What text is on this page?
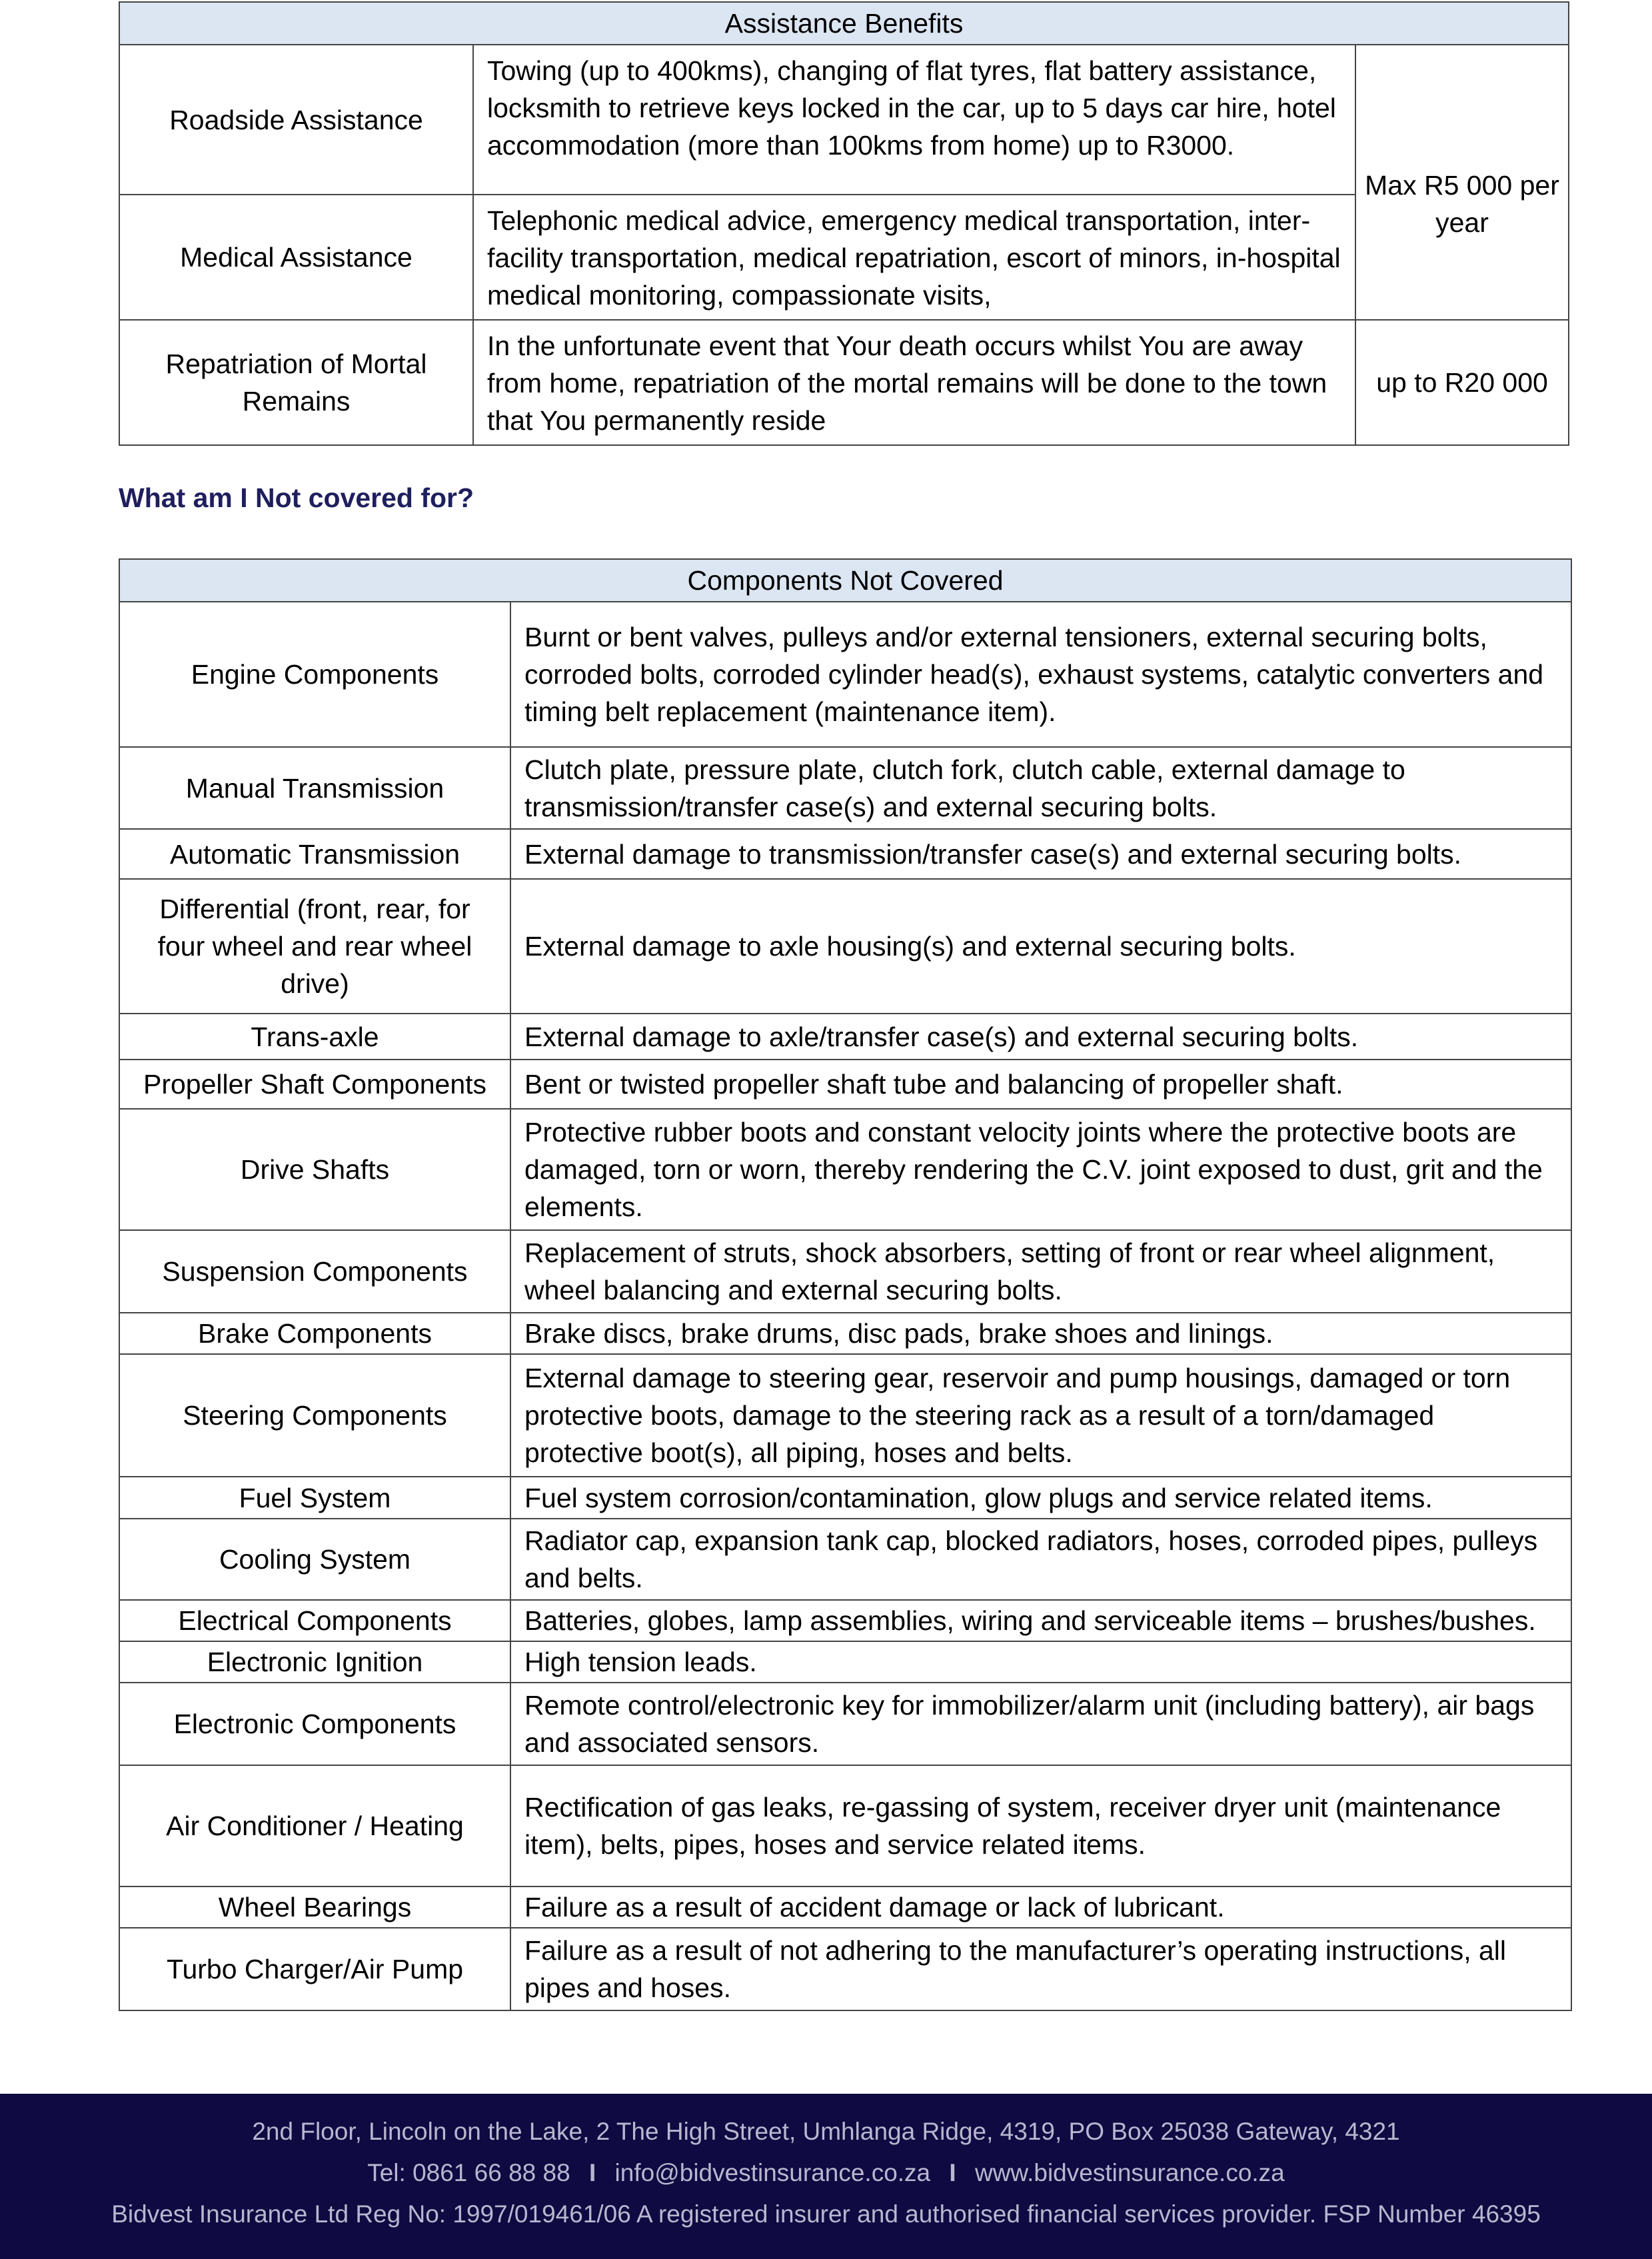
Assistance Benefits		
Roadside Assistance	Towing (up to 400kms), changing of flat tyres, flat battery assistance, locksmith to retrieve keys locked in the car, up to 5 days car hire, hotel accommodation (more than 100kms from home) up to R3000.	Max R5 000 per year
Medical Assistance	Telephonic medical advice, emergency medical transportation, inter-facility transportation, medical repatriation, escort of minors, in-hospital medical monitoring, compassionate visits,	
Repatriation of Mortal Remains	In the unfortunate event that Your death occurs whilst You are away from home, repatriation of the mortal remains will be done to the town that You permanently reside	up to R20 000
What am I Not covered for?
Components Not Covered	
Engine Components	Burnt or bent valves, pulleys and/or external tensioners, external securing bolts, corroded bolts, corroded cylinder head(s), exhaust systems, catalytic converters and timing belt replacement (maintenance item).
Manual Transmission	Clutch plate, pressure plate, clutch fork, clutch cable, external damage to transmission/transfer case(s) and external securing bolts.
Automatic Transmission	External damage to transmission/transfer case(s) and external securing bolts.
Differential (front, rear, for four wheel and rear wheel drive)	External damage to axle housing(s) and external securing bolts.
Trans-axle	External damage to axle/transfer case(s) and external securing bolts.
Propeller Shaft Components	Bent or twisted propeller shaft tube and balancing of propeller shaft.
Drive Shafts	Protective rubber boots and constant velocity joints where the protective boots are damaged, torn or worn, thereby rendering the C.V. joint exposed to dust, grit and the elements.
Suspension Components	Replacement of struts, shock absorbers, setting of front or rear wheel alignment, wheel balancing and external securing bolts.
Brake Components	Brake discs, brake drums, disc pads, brake shoes and linings.
Steering Components	External damage to steering gear, reservoir and pump housings, damaged or torn protective boots, damage to the steering rack as a result of a torn/damaged protective boot(s), all piping, hoses and belts.
Fuel System	Fuel system corrosion/contamination, glow plugs and service related items.
Cooling System	Radiator cap, expansion tank cap, blocked radiators, hoses, corroded pipes, pulleys and belts.
Electrical Components	Batteries, globes, lamp assemblies, wiring and serviceable items – brushes/bushes.
Electronic Ignition	High tension leads.
Electronic Components	Remote control/electronic key for immobilizer/alarm unit (including battery), air bags and associated sensors.
Air Conditioner / Heating	Rectification of gas leaks, re-gassing of system, receiver dryer unit (maintenance item), belts, pipes, hoses and service related items.
Wheel Bearings	Failure as a result of accident damage or lack of lubricant.
Turbo Charger/Air Pump	Failure as a result of not adhering to the manufacturer’s operating instructions, all pipes and hoses.
2nd Floor, Lincoln on the Lake, 2 The High Street, Umhlanga Ridge, 4319, PO Box 25038 Gateway, 4321
Tel: 0861 66 88 88 I info@bidvestinsurance.co.za I www.bidvestinsurance.co.za
Bidvest Insurance Ltd Reg No: 1997/019461/06 A registered insurer and authorised financial services provider. FSP Number 46395
